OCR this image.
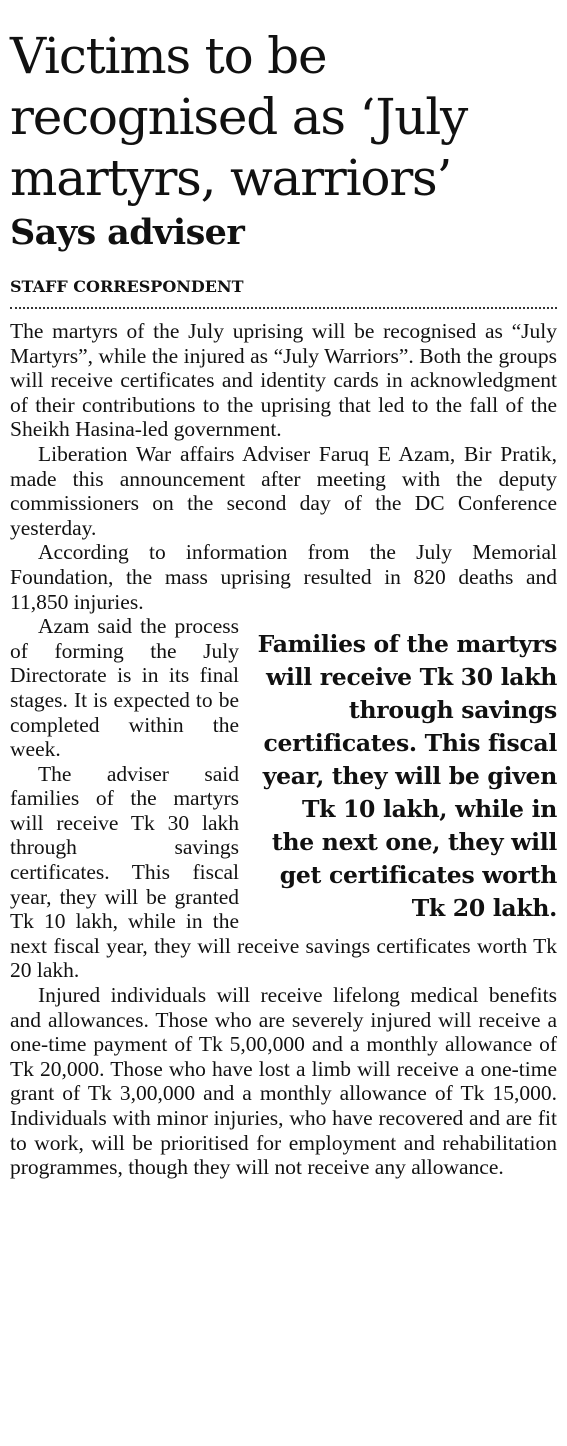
Victims to be recognised as ‘July martyrs, warriors’
Says adviser
STAFF CORRESPONDENT

The martyrs of the July uprising will be recognised as “July Martyrs”, while the injured as “July Warriors”. Both the groups will receive certificates and identity cards in acknowledgment of their contributions to the uprising that led to the fall of the Sheikh Hasina-led government.

Liberation War affairs Adviser Faruq E Azam, Bir Pratik, made this announcement after meeting with the deputy commissioners on the second day of the DC Conference yesterday.

According to information from the July Memorial Foundation, the mass uprising resulted in 820 deaths and 11,850 injuries.

Families of the martyrs will receive Tk 30 lakh through savings certificates. This fiscal year, they will be given Tk 10 lakh, while in the next one, they will get certificates worth Tk 20 lakh.

Azam said the process of forming the July Directorate is in its final stages. It is expected to be completed within the week.

The adviser said families of the martyrs will receive Tk 30 lakh through savings certificates. This fiscal year, they will be granted Tk 10 lakh, while in the next fiscal year, they will receive savings certificates worth Tk 20 lakh.

Injured individuals will receive lifelong medical benefits and allowances. Those who are severely injured will receive a one-time payment of Tk 5,00,000 and a monthly allowance of Tk 20,000. Those who have lost a limb will receive a one-time grant of Tk 3,00,000 and a monthly allowance of Tk 15,000. Individuals with minor injuries, who have recovered and are fit to work, will be prioritised for employment and rehabilitation programmes, though they will not receive any allowance.
